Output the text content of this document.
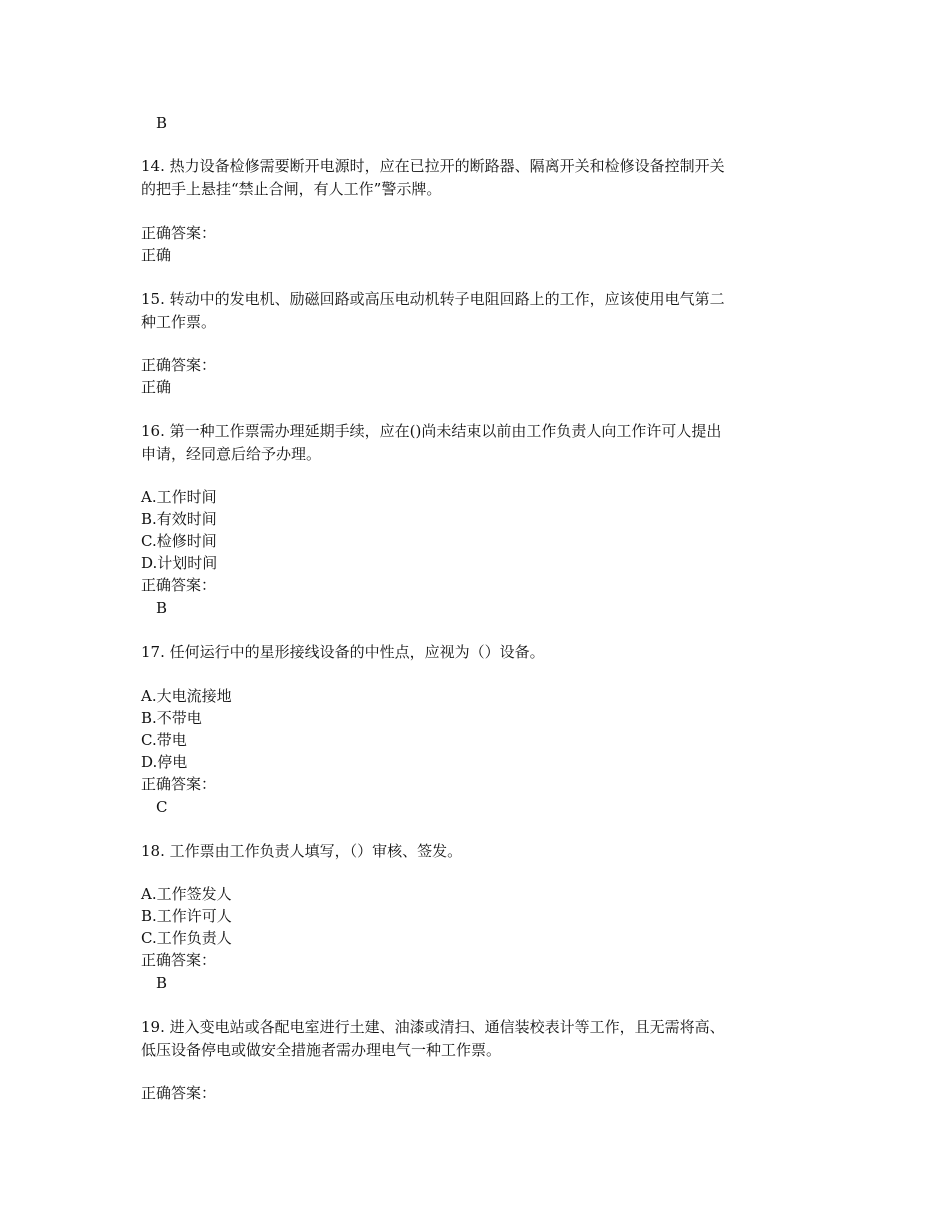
B
14. 热力设备检修需要断开电源时，应在已拉开的断路器、隔离开关和检修设备控制开关
的把手上悬挂“禁止合闸，有人工作”警示牌。
正确答案：
正确
15. 转动中的发电机、励磁回路或高压电动机转子电阻回路上的工作，应该使用电气第二
种工作票。
正确答案：
正确
16. 第一种工作票需办理延期手续，应在()尚未结束以前由工作负责人向工作许可人提出
申请，经同意后给予办理。
A.工作时间
B.有效时间
C.检修时间
D.计划时间
正确答案：
B
17. 任何运行中的星形接线设备的中性点，应视为（）设备。
A.大电流接地
B.不带电
C.带电
D.停电
正确答案：
C
18. 工作票由工作负责人填写，（）审核、签发。
A.工作签发人
B.工作许可人
C.工作负责人
正确答案：
B
19. 进入变电站或各配电室进行土建、油漆或清扫、通信装校表计等工作，且无需将高、
低压设备停电或做安全措施者需办理电气一种工作票。
正确答案：
